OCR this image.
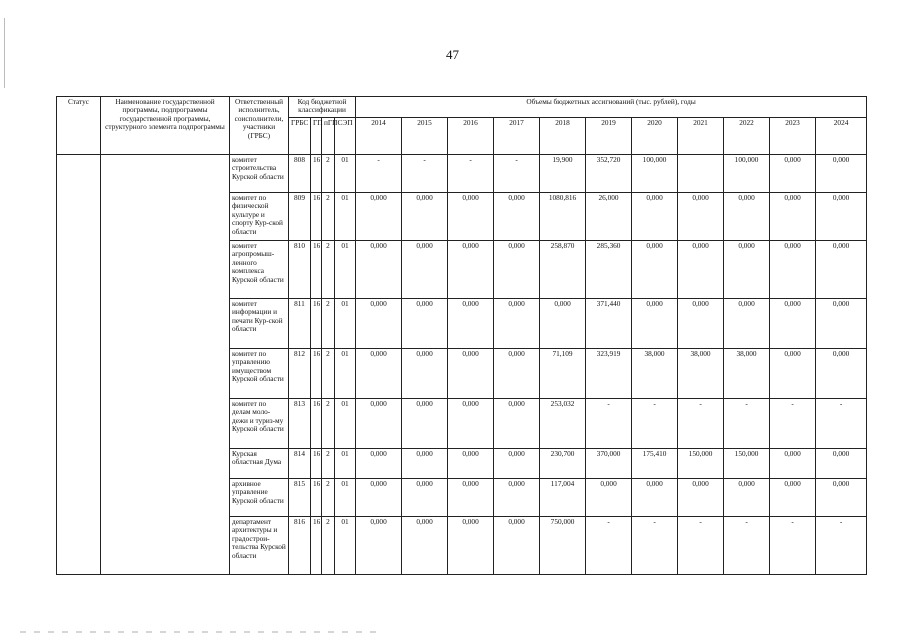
47
Статус	Наименование государственной программы, подпрограммы государственной программы, структурного элемента подпрограммы	Ответственный исполнитель, соисполнители, участники (ГРБС)	Код бюджетной классификации				Объемы бюджетных ассигнований (тыс. рублей), годы										
			ГРБС	ГП	пГП	СЭП	2014	2015	2016	2017	2018	2019	2020	2021	2022	2023	2024
		комитет строительства Курской области	808	16	2	01	-	-	-	-	19,900	352,720	100,000		100,000	0,000	0,000
		комитет по физической культуре и спорту Кур-ской области	809	16	2	01	0,000	0,000	0,000	0,000	1080,816	26,000	0,000	0,000	0,000	0,000	0,000
		комитет агропромыш-ленного комплекса Курской области	810	16	2	01	0,000	0,000	0,000	0,000	258,870	285,360	0,000	0,000	0,000	0,000	0,000
		комитет информации и печати Кур-ской области	811	16	2	01	0,000	0,000	0,000	0,000	0,000	371,440	0,000	0,000	0,000	0,000	0,000
		комитет по управлению имуществом Курской области	812	16	2	01	0,000	0,000	0,000	0,000	71,109	323,919	38,000	38,000	38,000	0,000	0,000
		комитет по делам моло-дежи и туриз-му Курской области	813	16	2	01	0,000	0,000	0,000	0,000	253,032	-	-	-	-	-	-
		Курская областная Дума	814	16	2	01	0,000	0,000	0,000	0,000	230,700	370,000	175,410	150,000	150,000	0,000	0,000
		архивное управление Курской области	815	16	2	01	0,000	0,000	0,000	0,000	117,004	0,000	0,000	0,000	0,000	0,000	0,000
		департамент архитектуры и градострои-тельства Курской области	816	16	2	01	0,000	0,000	0,000	0,000	750,000	-	-	-	-	-	-
